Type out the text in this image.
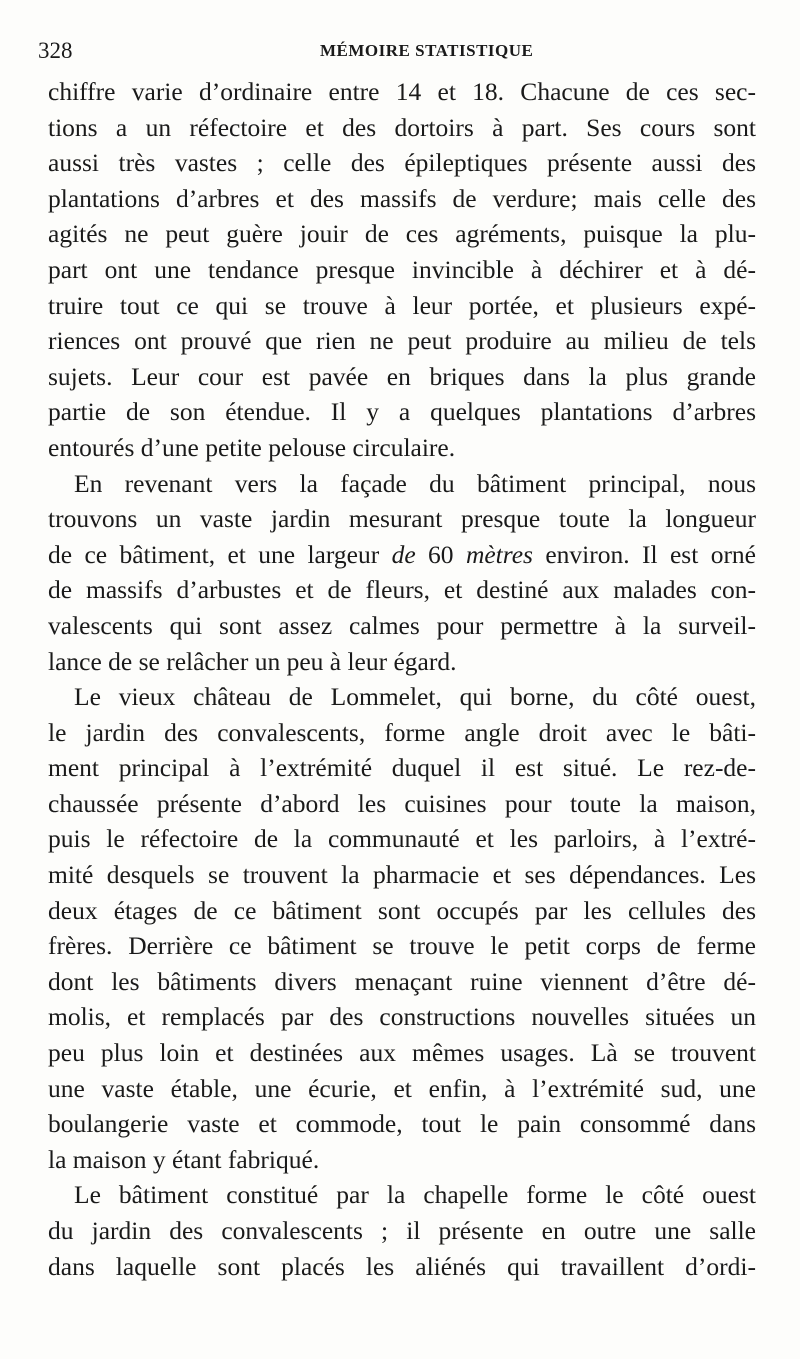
328	MÉMOIRE STATISTIQUE
chiffre varie d’ordinaire entre 14 et 18. Chacune de ces sec-
tions a un réfectoire et des dortoirs à part. Ses cours sont
aussi très vastes ; celle des épileptiques présente aussi des
plantations d’arbres et des massifs de verdure; mais celle des
agités ne peut guère jouir de ces agréments, puisque la plu-
part ont une tendance presque invincible à déchirer et à dé-
truire tout ce qui se trouve à leur portée, et plusieurs expé-
riences ont prouvé que rien ne peut produire au milieu de tels
sujets. Leur cour est pavée en briques dans la plus grande
partie de son étendue. Il y a quelques plantations d’arbres
entourés d’une petite pelouse circulaire.
En revenant vers la façade du bâtiment principal, nous
trouvons un vaste jardin mesurant presque toute la longueur
de ce bâtiment, et une largeur de 60 mètres environ. Il est orné
de massifs d’arbustes et de fleurs, et destiné aux malades con-
valescents qui sont assez calmes pour permettre à la surveil-
lance de se relâcher un peu à leur égard.
Le vieux château de Lommelet, qui borne, du côté ouest,
le jardin des convalescents, forme angle droit avec le bâti-
ment principal à l’extrémité duquel il est situé. Le rez-de-
chaussée présente d’abord les cuisines pour toute la maison,
puis le réfectoire de la communauté et les parloirs, à l’extré-
mité desquels se trouvent la pharmacie et ses dépendances. Les
deux étages de ce bâtiment sont occupés par les cellules des
frères. Derrière ce bâtiment se trouve le petit corps de ferme
dont les bâtiments divers menaçant ruine viennent d’être dé-
molis, et remplacés par des constructions nouvelles situées un
peu plus loin et destinées aux mêmes usages. Là se trouvent
une vaste étable, une écurie, et enfin, à l’extrémité sud, une
boulangerie vaste et commode, tout le pain consommé dans
la maison y étant fabriqué.
Le bâtiment constitué par la chapelle forme le côté ouest
du jardin des convalescents ; il présente en outre une salle
dans laquelle sont placés les aliénés qui travaillent d’ordi-
